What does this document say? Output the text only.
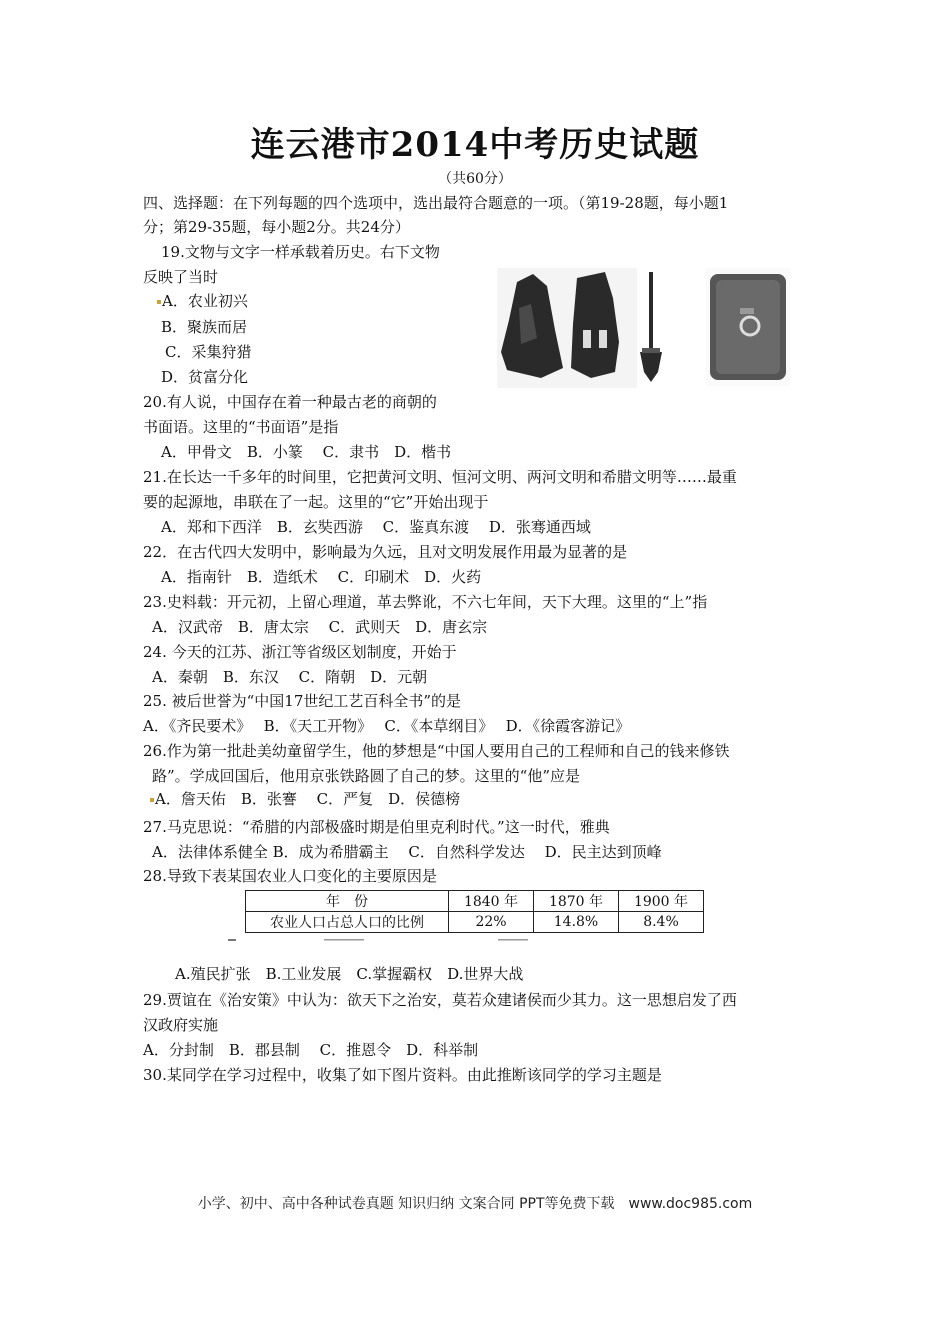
连云港市2014中考历史试题
（共60分）
四、选择题：在下列每题的四个选项中，选出最符合题意的一项。（第19-28题，每小题1
分；第29-35题，每小题2分。共24分）
19.文物与文字一样承载着历史。右下文物
反映了当时
A．农业初兴
B．聚族而居
C．采集狩猎
D．贫富分化
20.有人说，中国存在着一种最古老的商朝的
书面语。这里的“书面语”是指
A．甲骨文　B．小篆　 C．隶书　D．楷书
21.在长达一千多年的时间里，它把黄河文明、恒河文明、两河文明和希腊文明等……最重
要的起源地，串联在了一起。这里的“它”开始出现于
A．郑和下西洋　B．玄奘西游　 C．鉴真东渡　 D．张骞通西域
22．在古代四大发明中，影响最为久远，且对文明发展作用最为显著的是
A．指南针　B．造纸术　 C．印刷术　D．火药
23.史料载：开元初，上留心理道，革去弊讹，不六七年间，天下大理。这里的“上”指
A．汉武帝　B．唐太宗　 C．武则天　D．唐玄宗
24. 今天的江苏、浙江等省级区划制度，开始于
A．秦朝　B．东汉　 C．隋朝　D．元朝
25. 被后世誉为“中国17世纪工艺百科全书”的是
A．《齐民要术》　 B．《天工开物》　 C．《本草纲目》　 D．《徐霞客游记》
26.作为第一批赴美幼童留学生，他的梦想是“中国人要用自己的工程师和自己的钱来修铁
路”。学成回国后，他用京张铁路圆了自己的梦。这里的“他”应是
A．詹天佑　B．张謇　 C．严复　D．侯德榜
27.马克思说：“希腊的内部极盛时期是伯里克利时代。”这一时代，雅典
A．法律体系健全 B．成为希腊霸主　 C．自然科学发达　 D．民主达到顶峰
28.导致下表某国农业人口变化的主要原因是
年　份	1840 年	1870 年	1900 年
农业人口占总人口的比例	22%	14.8%	8.4%
A.殖民扩张　B.工业发展　C.掌握霸权　D.世界大战
29.贾谊在《治安策》中认为：欲天下之治安，莫若众建诸侯而少其力。这一思想启发了西
汉政府实施
A．分封制　B．郡县制　 C．推恩令　D．科举制
30.某同学在学习过程中，收集了如下图片资料。由此推断该同学的学习主题是
小学、初中、高中各种试卷真题 知识归纳 文案合同 PPT等免费下载　www.doc985.com
